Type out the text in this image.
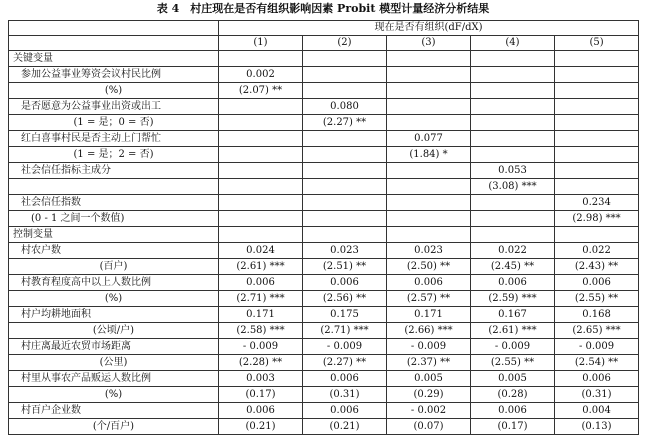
表 4　村庄现在是否有组织影响因素 Probit 模型计量经济分析结果
	现在是否有组织(dF/dX)				
	(1)	(2)	(3)	(4)	(5)
关键变量					
参加公益事业筹资会议村民比例	0.002				
(%)	(2.07) **				
是否愿意为公益事业出资或出工		0.080			
(1 = 是；0 = 否)		(2.27) **			
红白喜事村民是否主动上门帮忙			0.077		
(1 = 是；2 = 否)			(1.84) *		
社会信任指标主成分				0.053	
				(3.08) ***	
社会信任指数					0.234
(0 - 1 之间一个数值)					(2.98) ***
控制变量					
村农户数	0.024	0.023	0.023	0.022	0.022
(百户)	(2.61) ***	(2.51) **	(2.50) **	(2.45) **	(2.43) **
村教育程度高中以上人数比例	0.006	0.006	0.006	0.006	0.006
(%)	(2.71) ***	(2.56) **	(2.57) **	(2.59) ***	(2.55) **
村户均耕地面积	0.171	0.175	0.171	0.167	0.168
(公顷/户)	(2.58) ***	(2.71) ***	(2.66) ***	(2.61) ***	(2.65) ***
村庄离最近农贸市场距离	- 0.009	- 0.009	- 0.009	- 0.009	- 0.009
(公里)	(2.28) **	(2.27) **	(2.37) **	(2.55) **	(2.54) **
村里从事农产品贩运人数比例	0.003	0.006	0.005	0.005	0.006
(%)	(0.17)	(0.31)	(0.29)	(0.28)	(0.31)
村百户企业数	0.006	0.006	- 0.002	0.006	0.004
(个/百户)	(0.21)	(0.21)	(0.07)	(0.17)	(0.13)
